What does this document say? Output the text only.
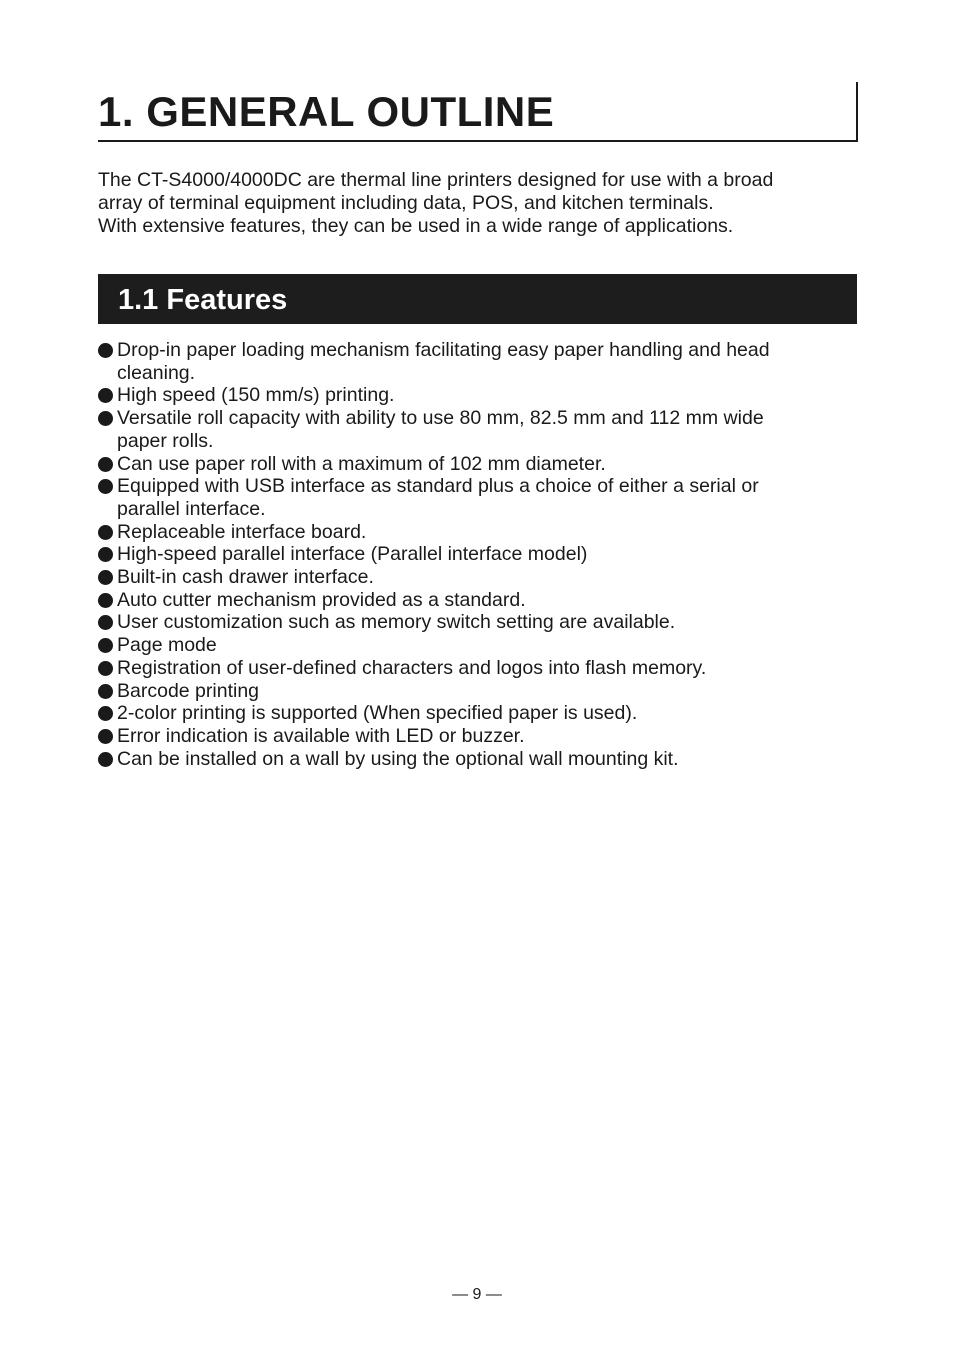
1. GENERAL OUTLINE

The CT-S4000/4000DC are thermal line printers designed for use with a broad

array of terminal equipment including data, POS, and kitchen terminals.

With extensive features, they can be used in a wide range of applications.

1.1 Features
Drop-in paper loading mechanism facilitating easy paper handling and head
cleaning.
High speed (150 mm/s) printing.
Versatile roll capacity with ability to use 80 mm, 82.5 mm and 112 mm wide
paper rolls.
Can use paper roll with a maximum of 102 mm diameter.
Equipped with USB interface as standard plus a choice of either a serial or
parallel interface.
Replaceable interface board.
High-speed parallel interface (Parallel interface model)
Built-in cash drawer interface.
Auto cutter mechanism provided as a standard.
User customization such as memory switch setting are available.
Page mode
Registration of user-defined characters and logos into flash memory.
Barcode printing
2-color printing is supported (When specified paper is used).
Error indication is available with LED or buzzer.
Can be installed on a wall by using the optional wall mounting kit.
— 9 —
